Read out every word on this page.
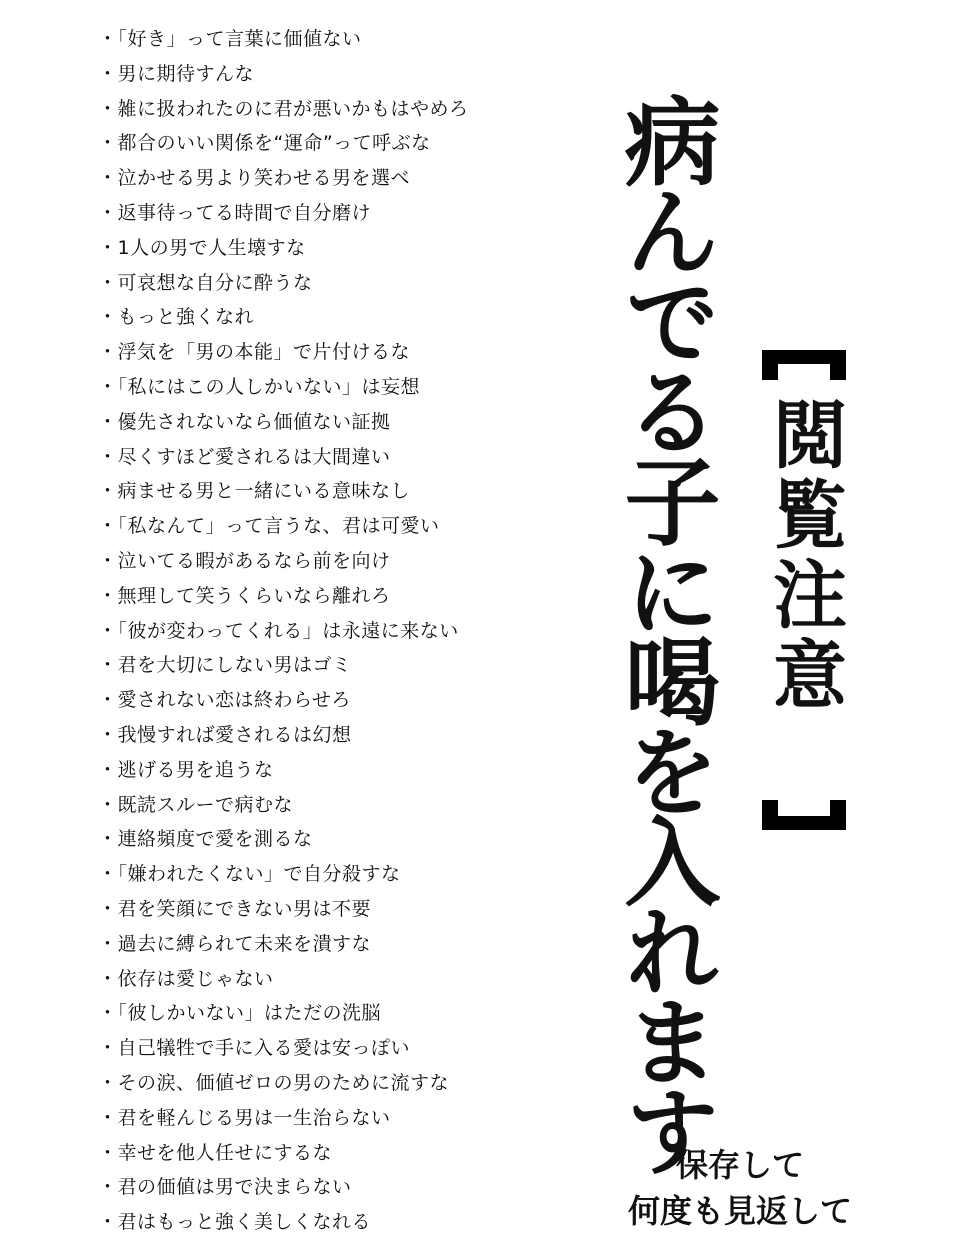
・「好き」って言葉に価値ない
・男に期待すんな
・雑に扱われたのに君が悪いかもはやめろ
・都合のいい関係を“運命”って呼ぶな
・泣かせる男より笑わせる男を選べ
・返事待ってる時間で自分磨け
・1人の男で人生壊すな
・可哀想な自分に酔うな
・もっと強くなれ
・浮気を「男の本能」で片付けるな
・「私にはこの人しかいない」は妄想
・優先されないなら価値ない証拠
・尽くすほど愛されるは大間違い
・病ませる男と一緒にいる意味なし
・「私なんて」って言うな、君は可愛い
・泣いてる暇があるなら前を向け
・無理して笑うくらいなら離れろ
・「彼が変わってくれる」は永遠に来ない
・君を大切にしない男はゴミ
・愛されない恋は終わらせろ
・我慢すれば愛されるは幻想
・逃げる男を追うな
・既読スルーで病むな
・連絡頻度で愛を測るな
・「嫌われたくない」で自分殺すな
・君を笑顔にできない男は不要
・過去に縛られて未来を潰すな
・依存は愛じゃない
・「彼しかいない」はただの洗脳
・自己犠牲で手に入る愛は安っぽい
・その涙、価値ゼロの男のために流すな
・君を軽んじる男は一生治らない
・幸せを他人任せにするな
・君の価値は男で決まらない
・君はもっと強く美しくなれる
病んでる子に喝を入れます 閲覧注意
保存して
何度も見返して
